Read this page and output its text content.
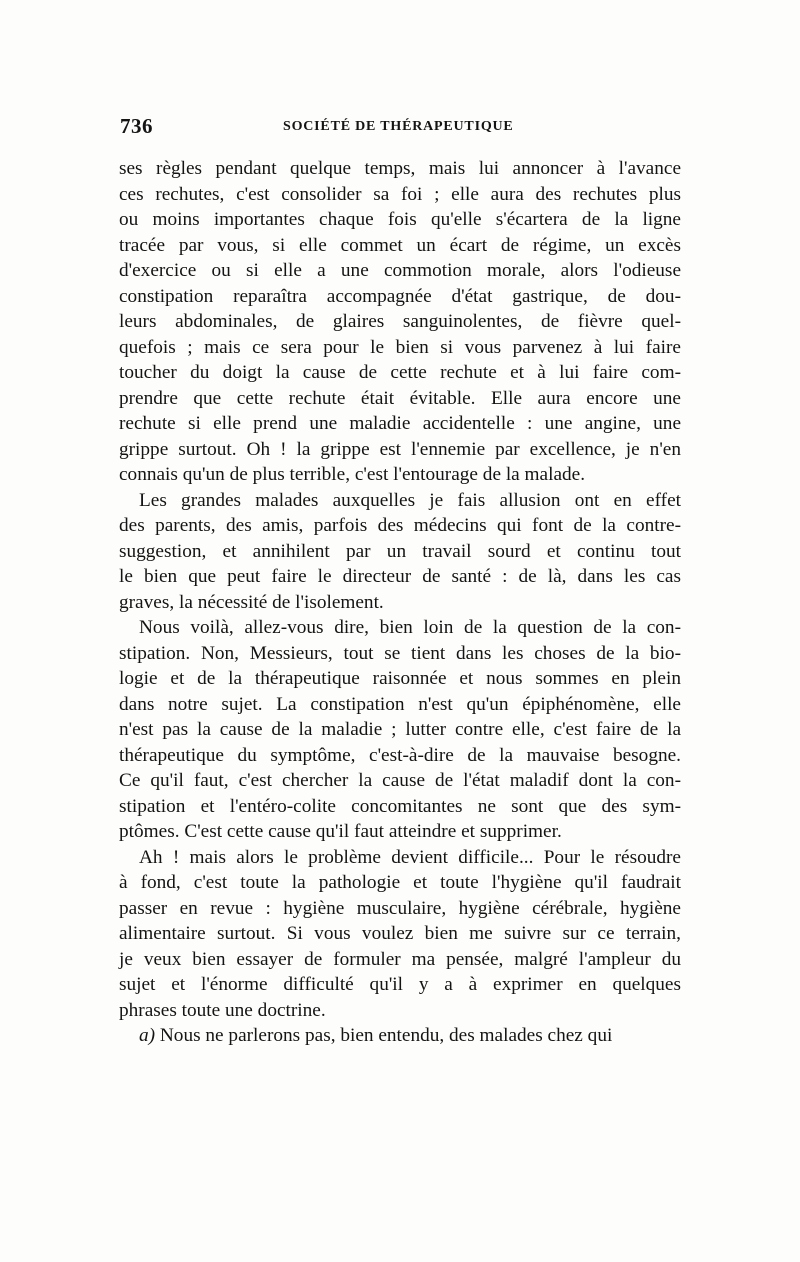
736	SOCIÉTÉ DE THÉRAPEUTIQUE
ses règles pendant quelque temps, mais lui annoncer à l'avance
ces rechutes, c'est consolider sa foi ; elle aura des rechutes plus
ou moins importantes chaque fois qu'elle s'écartera de la ligne
tracée par vous, si elle commet un écart de régime, un excès
d'exercice ou si elle a une commotion morale, alors l'odieuse
constipation reparaîtra accompagnée d'état gastrique, de dou-
leurs abdominales, de glaires sanguinolentes, de fièvre quel-
quefois ; mais ce sera pour le bien si vous parvenez à lui faire
toucher du doigt la cause de cette rechute et à lui faire com-
prendre que cette rechute était évitable. Elle aura encore une
rechute si elle prend une maladie accidentelle : une angine, une
grippe surtout. Oh ! la grippe est l'ennemie par excellence, je n'en
connais qu'un de plus terrible, c'est l'entourage de la malade.
Les grandes malades auxquelles je fais allusion ont en effet
des parents, des amis, parfois des médecins qui font de la contre-
suggestion, et annihilent par un travail sourd et continu tout
le bien que peut faire le directeur de santé : de là, dans les cas
graves, la nécessité de l'isolement.
Nous voilà, allez-vous dire, bien loin de la question de la con-
stipation. Non, Messieurs, tout se tient dans les choses de la bio-
logie et de la thérapeutique raisonnée et nous sommes en plein
dans notre sujet. La constipation n'est qu'un épiphénomène, elle
n'est pas la cause de la maladie ; lutter contre elle, c'est faire de la
thérapeutique du symptôme, c'est-à-dire de la mauvaise besogne.
Ce qu'il faut, c'est chercher la cause de l'état maladif dont la con-
stipation et l'entéro-colite concomitantes ne sont que des sym-
ptômes. C'est cette cause qu'il faut atteindre et supprimer.
Ah ! mais alors le problème devient difficile... Pour le résoudre
à fond, c'est toute la pathologie et toute l'hygiène qu'il faudrait
passer en revue : hygiène musculaire, hygiène cérébrale, hygiène
alimentaire surtout. Si vous voulez bien me suivre sur ce terrain,
je veux bien essayer de formuler ma pensée, malgré l'ampleur du
sujet et l'énorme difficulté qu'il y a à exprimer en quelques
phrases toute une doctrine.
a) Nous ne parlerons pas, bien entendu, des malades chez qui
